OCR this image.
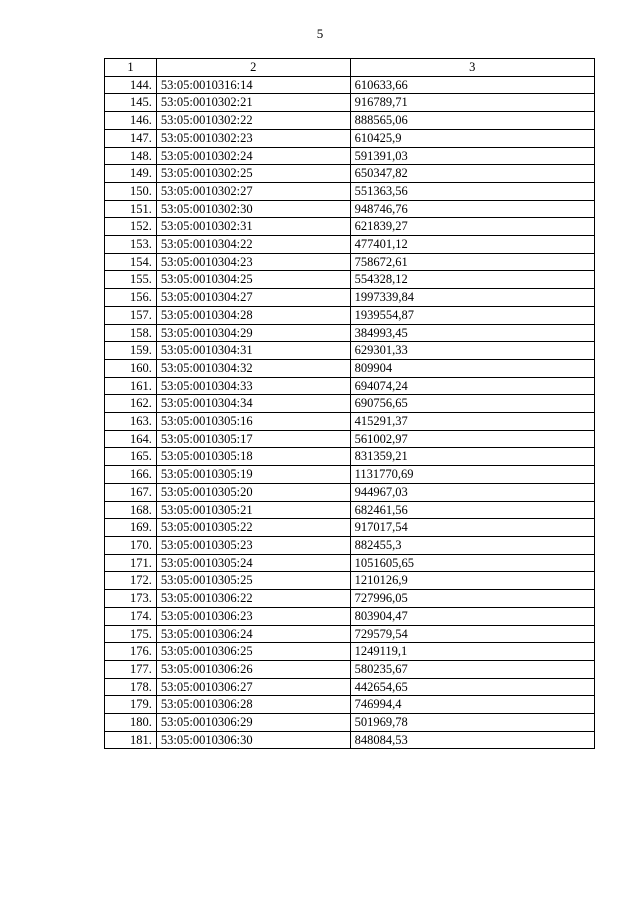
5
1	2	3
144.	53:05:0010316:14	610633,66
145.	53:05:0010302:21	916789,71
146.	53:05:0010302:22	888565,06
147.	53:05:0010302:23	610425,9
148.	53:05:0010302:24	591391,03
149.	53:05:0010302:25	650347,82
150.	53:05:0010302:27	551363,56
151.	53:05:0010302:30	948746,76
152.	53:05:0010302:31	621839,27
153.	53:05:0010304:22	477401,12
154.	53:05:0010304:23	758672,61
155.	53:05:0010304:25	554328,12
156.	53:05:0010304:27	1997339,84
157.	53:05:0010304:28	1939554,87
158.	53:05:0010304:29	384993,45
159.	53:05:0010304:31	629301,33
160.	53:05:0010304:32	809904
161.	53:05:0010304:33	694074,24
162.	53:05:0010304:34	690756,65
163.	53:05:0010305:16	415291,37
164.	53:05:0010305:17	561002,97
165.	53:05:0010305:18	831359,21
166.	53:05:0010305:19	1131770,69
167.	53:05:0010305:20	944967,03
168.	53:05:0010305:21	682461,56
169.	53:05:0010305:22	917017,54
170.	53:05:0010305:23	882455,3
171.	53:05:0010305:24	1051605,65
172.	53:05:0010305:25	1210126,9
173.	53:05:0010306:22	727996,05
174.	53:05:0010306:23	803904,47
175.	53:05:0010306:24	729579,54
176.	53:05:0010306:25	1249119,1
177.	53:05:0010306:26	580235,67
178.	53:05:0010306:27	442654,65
179.	53:05:0010306:28	746994,4
180.	53:05:0010306:29	501969,78
181.	53:05:0010306:30	848084,53
